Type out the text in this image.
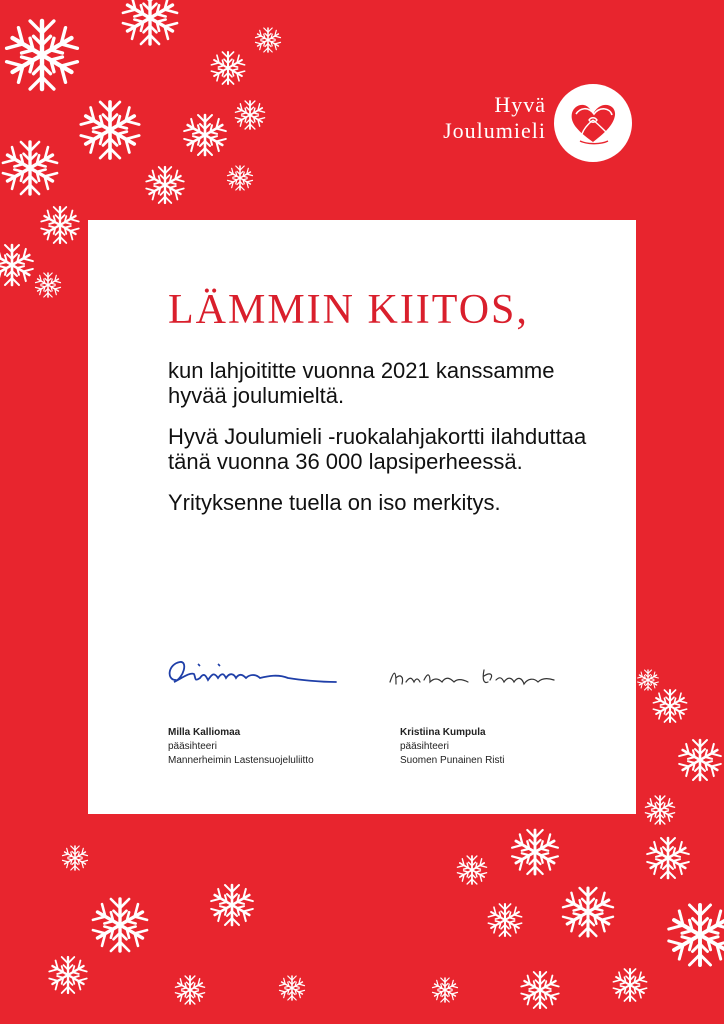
Hyvä
Joulumieli
LÄMMIN KIITOS,

kun lahjoititte vuonna 2021 kanssamme hyvää joulumieltä.

Hyvä Joulumieli -ruokalahjakortti ilahduttaa tänä vuonna 36 000 lapsiperheessä.

Yrityksenne tuella on iso merkitys.

Milla Kalliomaa
pääsihteeri
Mannerheimin Lastensuojeluliitto
Kristiina Kumpula
pääsihteeri
Suomen Punainen Risti
